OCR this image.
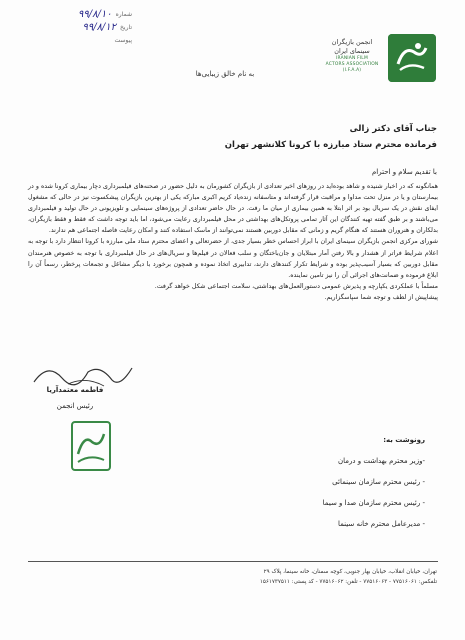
شماره
۹۹/۸/۱۰
تاریخ
۹۹/۸/۱۲
پیوست	انجمن بازیگران
سینمای ایران
IRANIAN FILM
ACTORS ASSOCIATION (I.F.A.A)
به نام خالق زیبایی‌ها
جناب آقای دکتر زالی
فرمانده محترم ستاد مبارزه با کرونا کلانشهر تهران
با تقدیم سلام و احترام

همانگونه که در اخبار شنیده و شاهد بوده‌اید در روزهای اخیر تعدادی از بازیگران کشورمان به دلیل حضور در صحنه‌های فیلمبرداری دچار بیماری کرونا شده و در بیمارستان و یا در منزل تحت مداوا و مراقبت قرار گرفته‌اند و متاسفانه زنده‌یاد کریم اکبری مبارکه یکی از بهترین بازیگران پیشکسوت نیز در حالی که مشغول ایفای نقش در یک سریال بود بر اثر ابتلا به همین بیماری از میان ما رفت. در حال حاضر تعدادی از پروژه‌های سینمایی و تلویزیونی در حال تولید و فیلمبرداری می‌باشند و بر طبق گفته تهیه کنندگان این آثار تمامی پروتکل‌های بهداشتی در محل فیلمبرداری رعایت می‌شود، اما باید توجه داشت که فقط و فقط بازیگران، بدلکاران و هنروران هستند که هنگام گریم و زمانی که مقابل دوربین هستند نمی‌توانند از ماسک استفاده کنند و امکان رعایت فاصله اجتماعی هم ندارند.

شورای مرکزی انجمن بازیگران سینمای ایران با ابراز احساس خطر بسیار جدی، از حضرتعالی و اعضای محترم ستاد ملی مبارزه با کرونا انتظار دارد با توجه به اعلام شرایط فراتر از هشدار و بالا رفتن آمار مبتلایان و جان‌باختگان و سلب فعالان در فیلم‌ها و سریال‌های در حال فیلمبرداری با توجه به خصوص هنرمندان مقابل دوربین که بسیار آسیب‌پذیر بوده و شرایط تکرار کنندهای دارند، تدابیری اتخاذ نموده و همچون برخورد با دیگر مشاغل و تجمعات پرخطر، رسماً آن را ابلاغ فرموده و ضمانت‌های اجرائی آن را نیز تامین نماینده.

مسلماً با عملکردی یکپارچه و پذیرش عمومی دستورالعمل‌های بهداشتی، سلامت اجتماعی شکل خواهد گرفت.

پیشاپیش از لطف و توجه شما سپاسگزاریم.

فاطمه معتمدآریا
رئیس انجمن
رونوشت به:
-وزیر محترم بهداشت و درمان
- رئیس محترم سازمان سینمائی
- رئیس محترم سازمان صدا و سیما
- مدیرعامل محترم خانه سینما
تهران، خیابان انقلاب، خیابان بهار جنوبی، کوچه سمنان، خانه سینما، پلاک ۲۹
تلفکس: ۷۷۵۱۶۰۶۱ - ۷۷۵۱۶۰۶۳ - تلفن: ۷۷۵۱۶۰۶۲ - کد پستی: ۱۵۶۱۷۳۷۵۱۱
